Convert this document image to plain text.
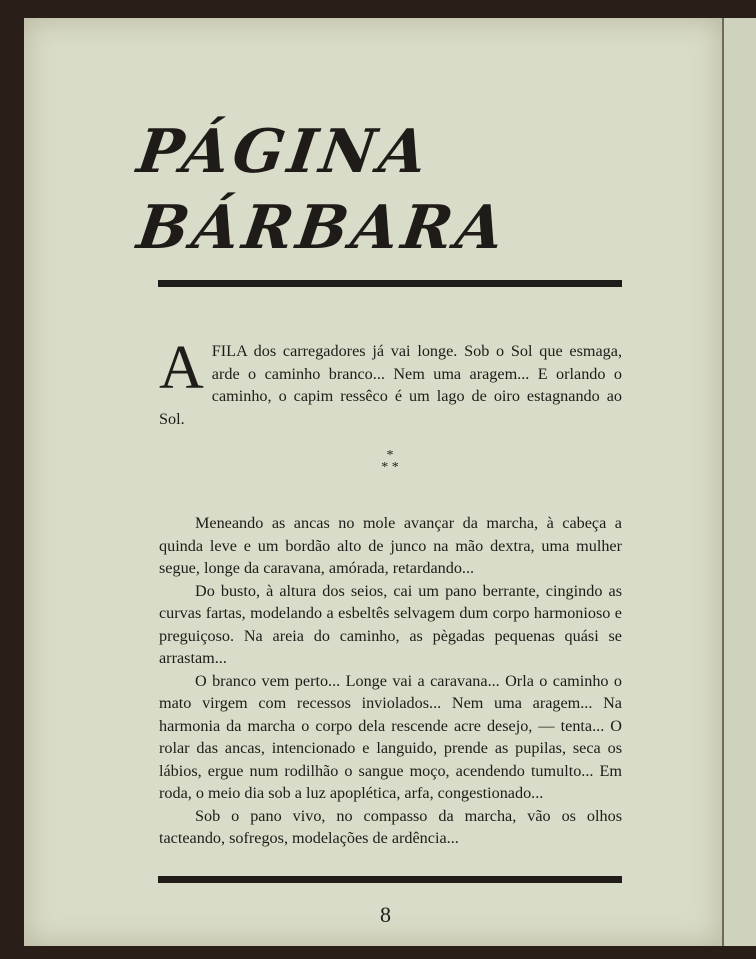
PÁGINA
BÁRBARA
A FILA dos carregadores já vai longe. Sob o Sol que esmaga, arde o caminho branco... Nem uma aragem... E orlando o caminho, o capim ressêco é um lago de oiro estagnando ao Sol.
*
* *

Meneando as ancas no mole avançar da marcha, à cabeça a quinda leve e um bordão alto de junco na mão dextra, uma mulher segue, longe da caravana, amórada, retardando...

Do busto, à altura dos seios, cai um pano berrante, cingindo as curvas fartas, modelando a esbeltês selvagem dum corpo harmonioso e preguiçoso. Na areia do caminho, as pègadas pequenas quási se arrastam...

O branco vem perto... Longe vai a caravana... Orla o caminho o mato virgem com recessos inviolados... Nem uma aragem... Na harmonia da marcha o corpo dela rescende acre desejo, — tenta... O rolar das ancas, intencionado e languido, prende as pupilas, seca os lábios, ergue num rodilhão o sangue moço, acendendo tumulto... Em roda, o meio dia sob a luz apoplética, arfa, congestionado...

Sob o pano vivo, no compasso da marcha, vão os olhos tacteando, sofregos, modelações de ardência...

8
